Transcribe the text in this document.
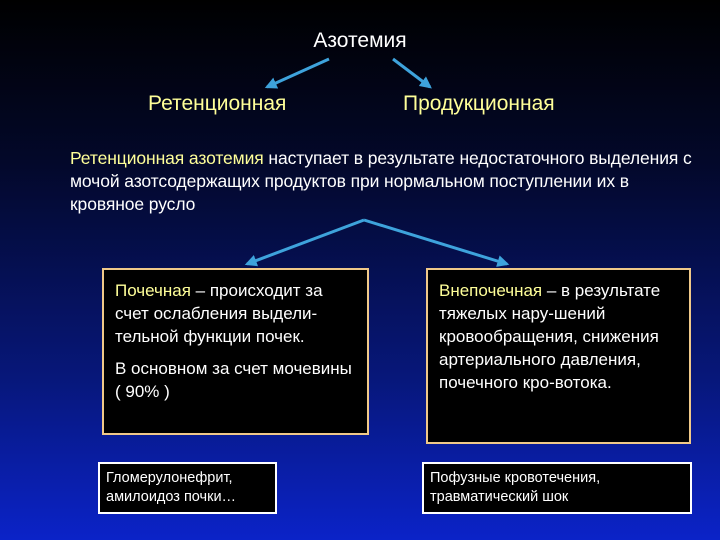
Азотемия
Ретенционная	Продукционная
Ретенционная азотемия наступает в результате недостаточного выделения с мочой азотсодержащих продуктов при нормальном поступлении их в кровяное русло

Почечная – происходит за счет ослабления выдели-тельной функции почек.

В основном за счет мочевины ( 90% )

Внепочечная – в результате тяжелых нару-шений кровообращения, снижения артериального давления, почечного кро-вотока.

Гломерулонефрит, амилоидоз почки…
Пофузные кровотечения, травматический шок
